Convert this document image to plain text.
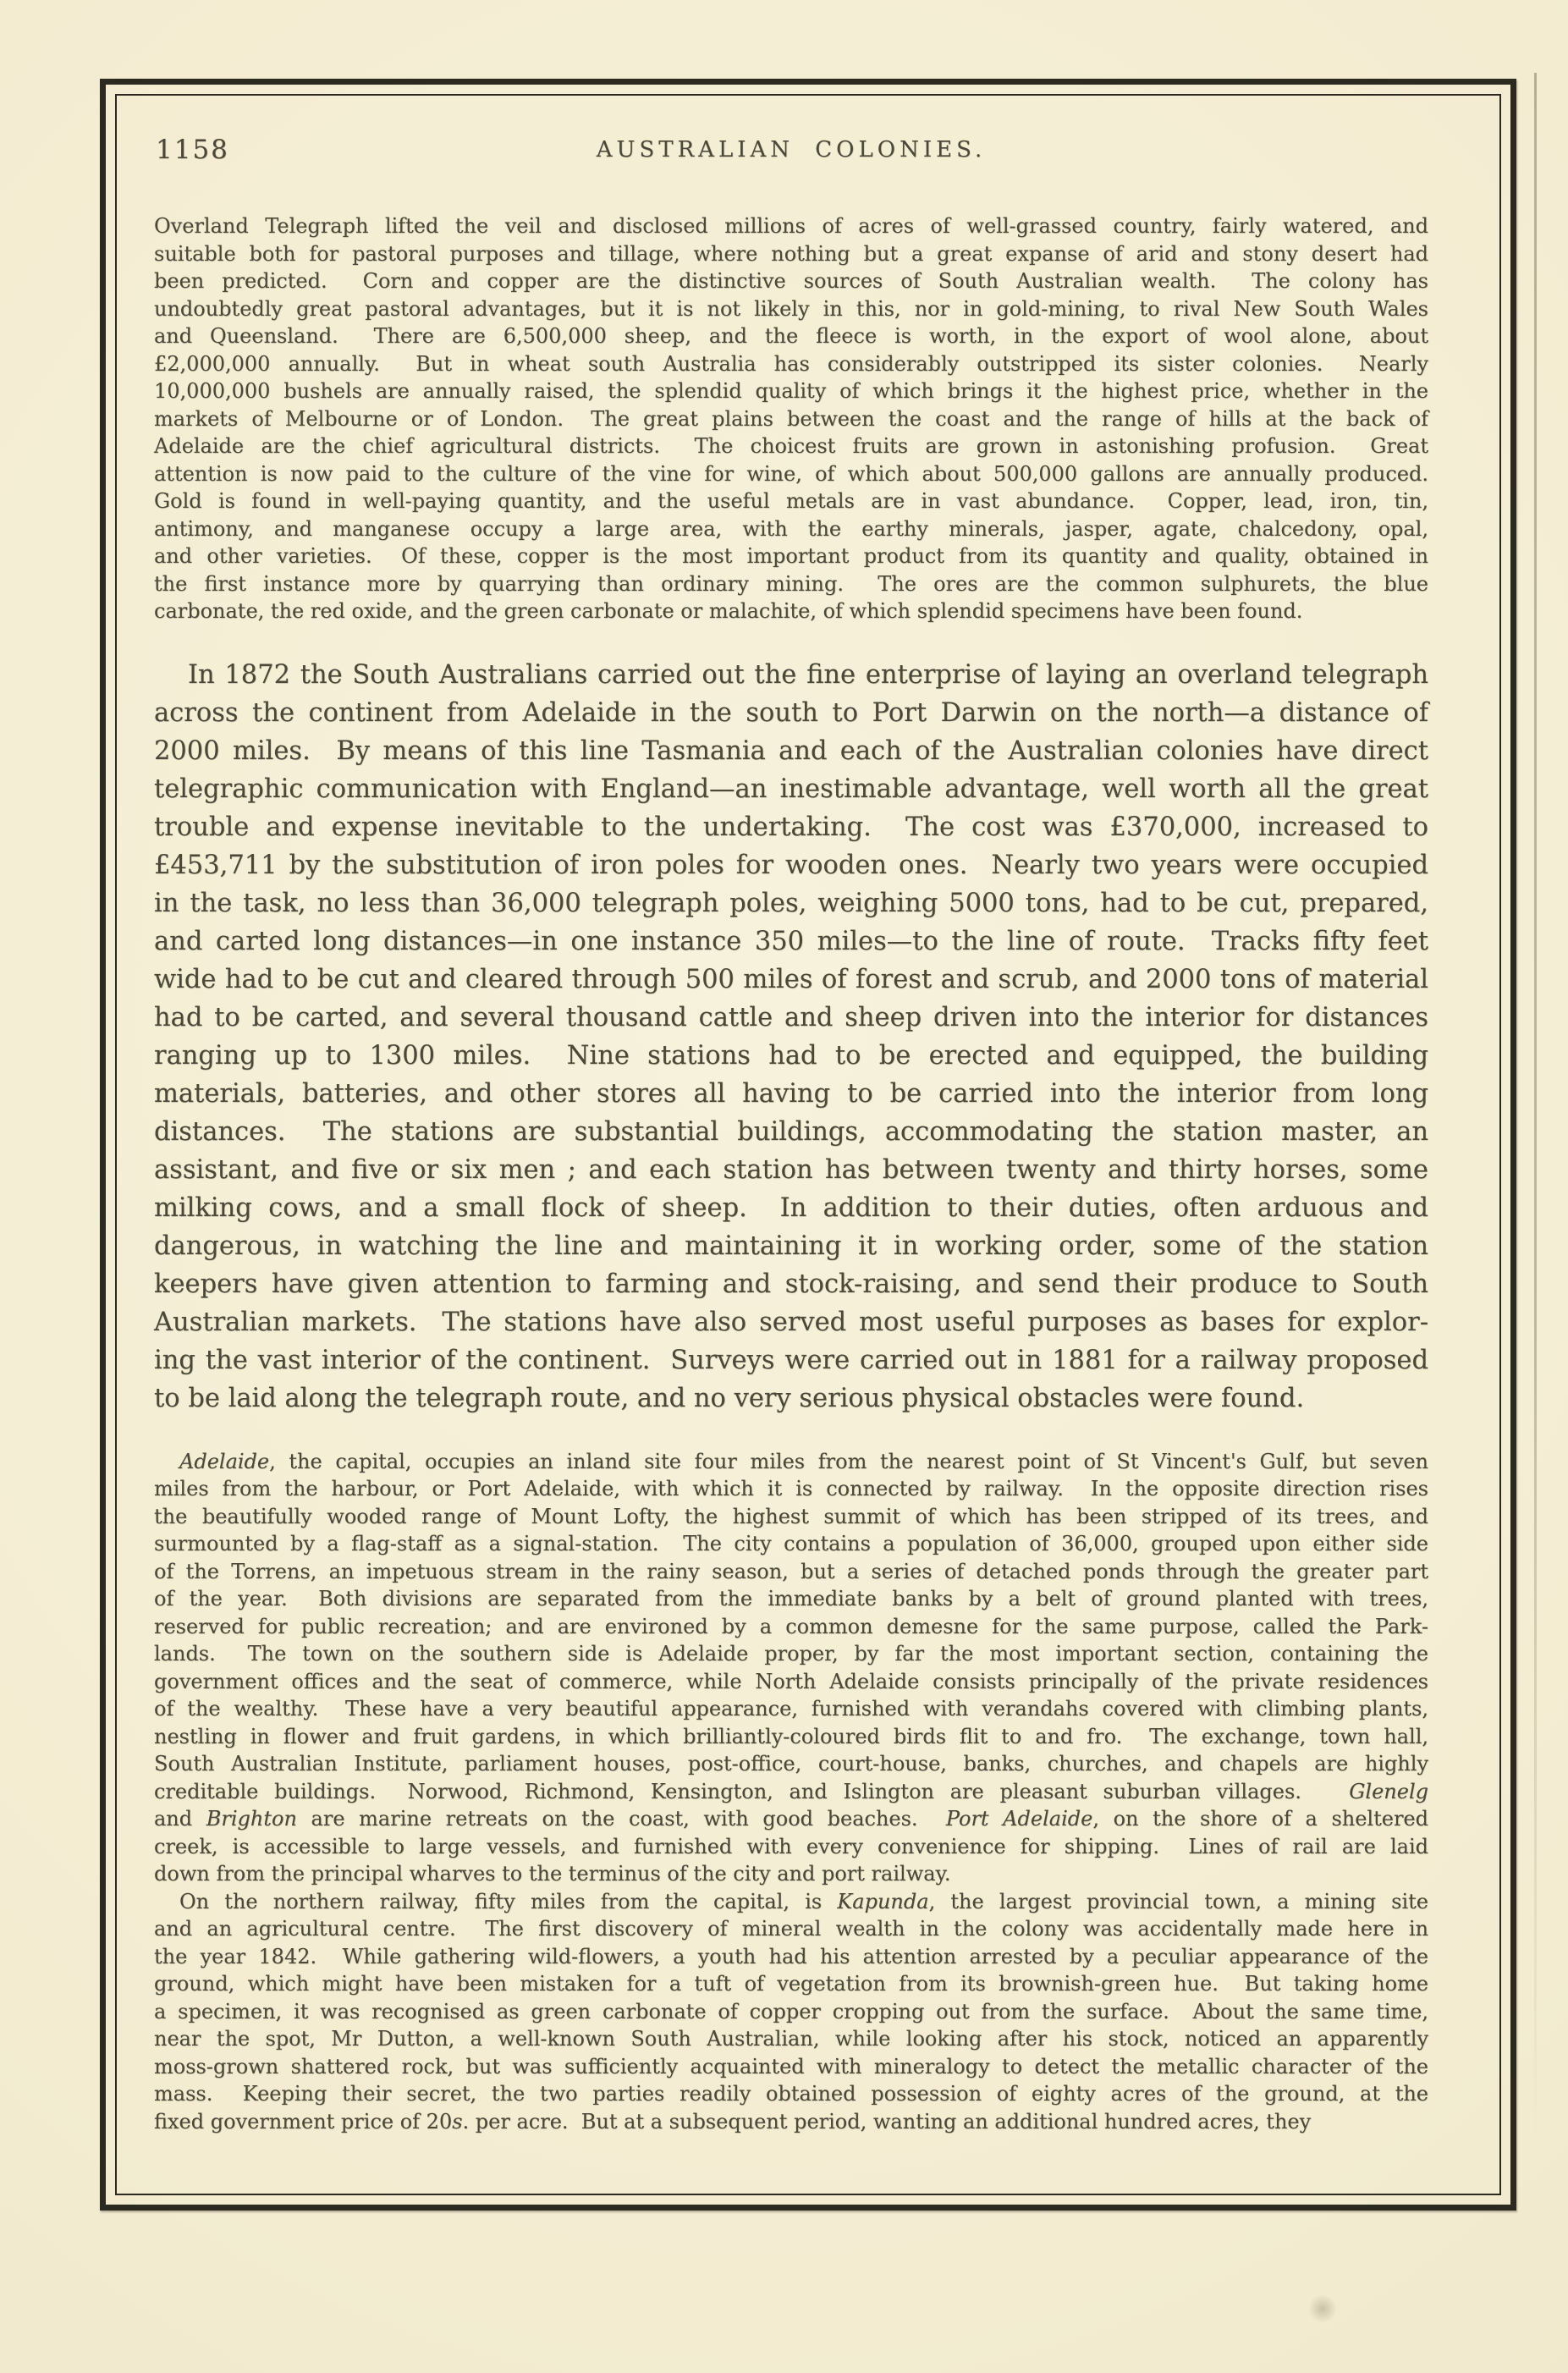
1158	AUSTRALIAN COLONIES.
Overland Telegraph lifted the veil and disclosed millions of acres of well-grassed country, fairly watered, and
suitable both for pastoral purposes and tillage, where nothing but a great expanse of arid and stony desert had
been predicted.  Corn and copper are the distinctive sources of South Australian wealth.  The colony has
undoubtedly great pastoral advantages, but it is not likely in this, nor in gold-mining, to rival New South Wales
and Queensland.  There are 6,500,000 sheep, and the fleece is worth, in the export of wool alone, about
£2,000,000 annually.  But in wheat south Australia has considerably outstripped its sister colonies.  Nearly
10,000,000 bushels are annually raised, the splendid quality of which brings it the highest price, whether in the
markets of Melbourne or of London.  The great plains between the coast and the range of hills at the back of
Adelaide are the chief agricultural districts.  The choicest fruits are grown in astonishing profusion.  Great
attention is now paid to the culture of the vine for wine, of which about 500,000 gallons are annually produced.
Gold is found in well-paying quantity, and the useful metals are in vast abundance.  Copper, lead, iron, tin,
antimony, and manganese occupy a large area, with the earthy minerals, jasper, agate, chalcedony, opal,
and other varieties.  Of these, copper is the most important product from its quantity and quality, obtained in
the first instance more by quarrying than ordinary mining.  The ores are the common sulphurets, the blue
carbonate, the red oxide, and the green carbonate or malachite, of which splendid specimens have been found.
In 1872 the South Australians carried out the fine enterprise of laying an overland telegraph
across the continent from Adelaide in the south to Port Darwin on the north—a distance of
2000 miles.  By means of this line Tasmania and each of the Australian colonies have direct
telegraphic communication with England—an inestimable advantage, well worth all the great
trouble and expense inevitable to the undertaking.  The cost was £370,000, increased to
£453,711 by the substitution of iron poles for wooden ones.  Nearly two years were occupied
in the task, no less than 36,000 telegraph poles, weighing 5000 tons, had to be cut, prepared,
and carted long distances—in one instance 350 miles—to the line of route.  Tracks fifty feet
wide had to be cut and cleared through 500 miles of forest and scrub, and 2000 tons of material
had to be carted, and several thousand cattle and sheep driven into the interior for distances
ranging up to 1300 miles.  Nine stations had to be erected and equipped, the building
materials, batteries, and other stores all having to be carried into the interior from long
distances.  The stations are substantial buildings, accommodating the station master, an
assistant, and five or six men ; and each station has between twenty and thirty horses, some
milking cows, and a small flock of sheep.  In addition to their duties, often arduous and
dangerous, in watching the line and maintaining it in working order, some of the station
keepers have given attention to farming and stock-raising, and send their produce to South
Australian markets.  The stations have also served most useful purposes as bases for explor-
ing the vast interior of the continent.  Surveys were carried out in 1881 for a railway proposed
to be laid along the telegraph route, and no very serious physical obstacles were found.
Adelaide, the capital, occupies an inland site four miles from the nearest point of St Vincent's Gulf, but seven
miles from the harbour, or Port Adelaide, with which it is connected by railway.  In the opposite direction rises
the beautifully wooded range of Mount Lofty, the highest summit of which has been stripped of its trees, and
surmounted by a flag-staff as a signal-station.  The city contains a population of 36,000, grouped upon either side
of the Torrens, an impetuous stream in the rainy season, but a series of detached ponds through the greater part
of the year.  Both divisions are separated from the immediate banks by a belt of ground planted with trees,
reserved for public recreation; and are environed by a common demesne for the same purpose, called the Park-
lands.  The town on the southern side is Adelaide proper, by far the most important section, containing the
government offices and the seat of commerce, while North Adelaide consists principally of the private residences
of the wealthy.  These have a very beautiful appearance, furnished with verandahs covered with climbing plants,
nestling in flower and fruit gardens, in which brilliantly-coloured birds flit to and fro.  The exchange, town hall,
South Australian Institute, parliament houses, post-office, court-house, banks, churches, and chapels are highly
creditable buildings.  Norwood, Richmond, Kensington, and Islington are pleasant suburban villages.   Glenelg
and Brighton are marine retreats on the coast, with good beaches.  Port Adelaide, on the shore of a sheltered
creek, is accessible to large vessels, and furnished with every convenience for shipping.  Lines of rail are laid
down from the principal wharves to the terminus of the city and port railway.
On the northern railway, fifty miles from the capital, is Kapunda, the largest provincial town, a mining site
and an agricultural centre.  The first discovery of mineral wealth in the colony was accidentally made here in
the year 1842.  While gathering wild-flowers, a youth had his attention arrested by a peculiar appearance of the
ground, which might have been mistaken for a tuft of vegetation from its brownish-green hue.  But taking home
a specimen, it was recognised as green carbonate of copper cropping out from the surface.  About the same time,
near the spot, Mr Dutton, a well-known South Australian, while looking after his stock, noticed an apparently
moss-grown shattered rock, but was sufficiently acquainted with mineralogy to detect the metallic character of the
mass.  Keeping their secret, the two parties readily obtained possession of eighty acres of the ground, at the
fixed government price of 20s. per acre.  But at a subsequent period, wanting an additional hundred acres, they
